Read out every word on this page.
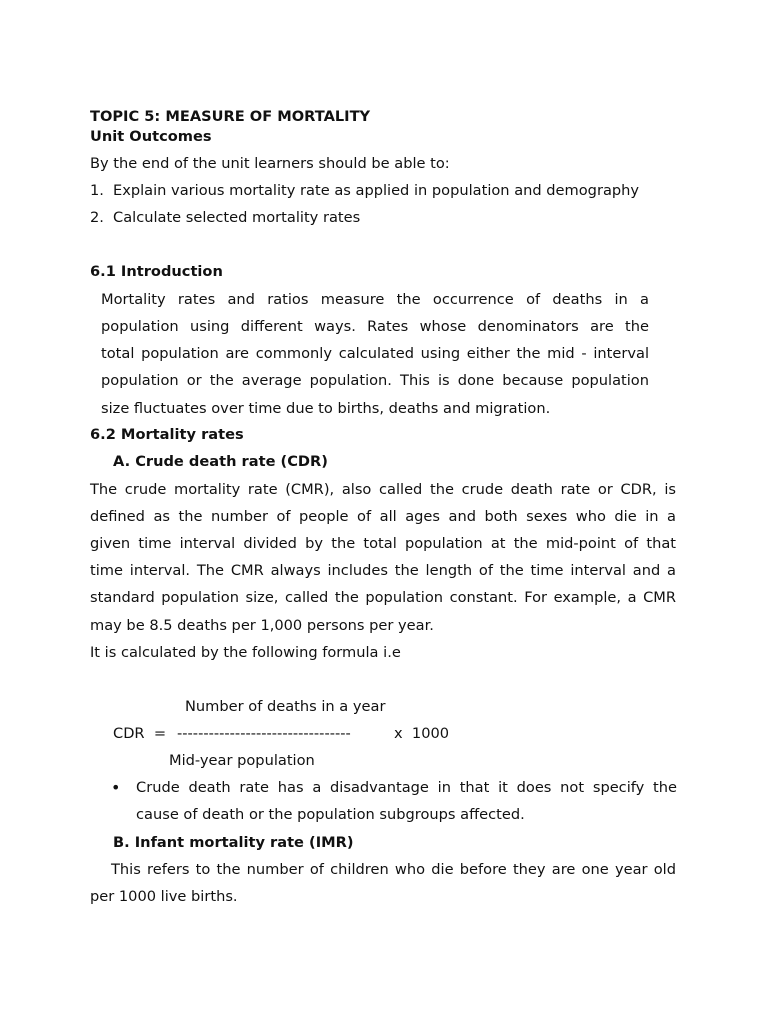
TOPIC 5: MEASURE OF MORTALITY
Unit Outcomes
By the end of the unit learners should be able to:
1. Explain various mortality rate as applied in population and demography
2. Calculate selected mortality rates
6.1 Introduction
Mortality rates and ratios measure the occurrence of deaths in a
population using different ways. Rates whose denominators are the
total population are commonly calculated using either the mid - interval
population or the average population. This is done because population
size fluctuates over time due to births, deaths and migration.
6.2 Mortality rates
A. Crude death rate (CDR)
The crude mortality rate (CMR), also called the crude death rate or CDR, is
defined as the number of people of all ages and both sexes who die in a
given time interval divided by the total population at the mid-point of that
time interval. The CMR always includes the length of the time interval and a
standard population size, called the population constant. For example, a CMR
may be 8.5 deaths per 1,000 persons per year.
It is calculated by the following formula i.e
Number of deaths in a year
CDR  = ---------------------------------	x  1000
Mid-year population
• Crude death rate has a disadvantage in that it does not specify the
cause of death or the population subgroups affected.
B. Infant mortality rate (IMR)
This refers to the number of children who die before they are one year old
per 1000 live births.
